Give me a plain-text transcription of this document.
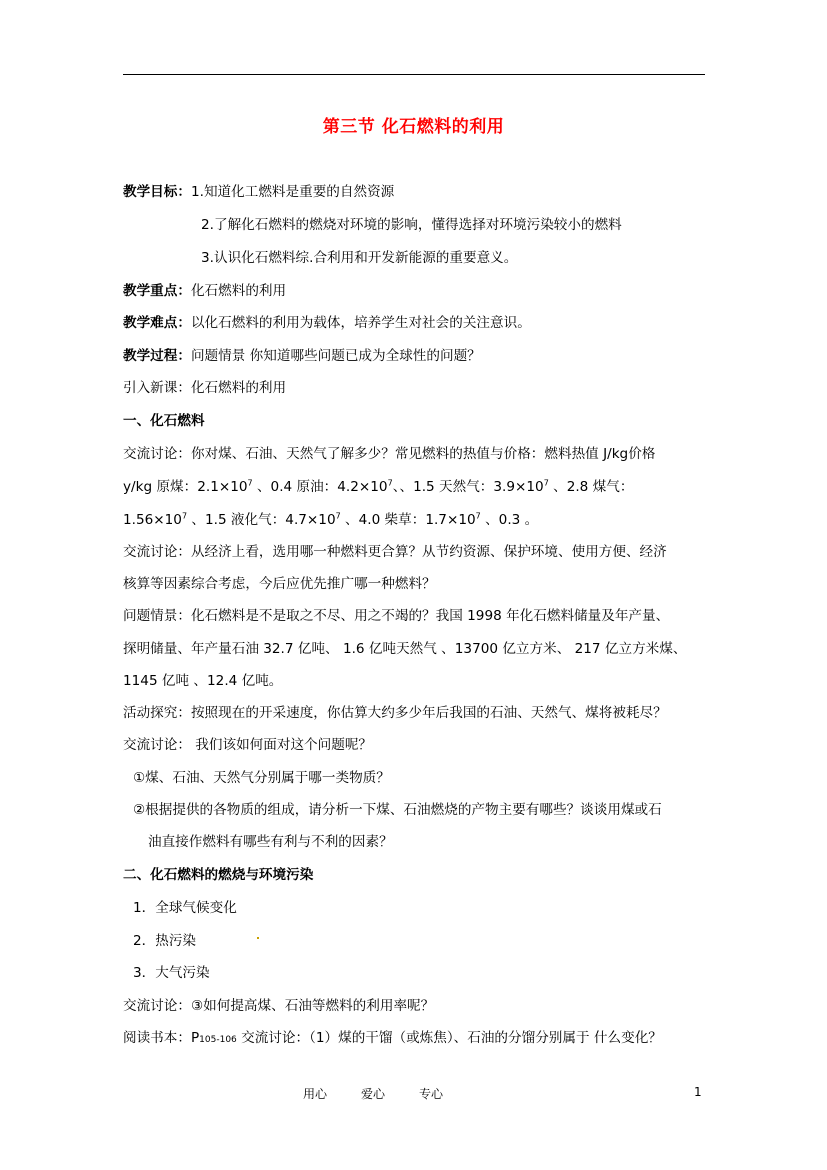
第三节 化石燃料的利用
教学目标：1.知道化工燃料是重要的自然资源
2.了解化石燃料的燃烧对环境的影响，懂得选择对环境污染较小的燃料
3.认识化石燃料综.合利用和开发新能源的重要意义。
教学重点：化石燃料的利用
教学难点：以化石燃料的利用为载体，培养学生对社会的关注意识。
教学过程：问题情景 你知道哪些问题已成为全球性的问题？
引入新课：化石燃料的利用
一、化石燃料
交流讨论：你对煤、石油、天然气了解多少？常见燃料的热值与价格：燃料热值 J/kg价格
y/kg 原煤：$2.1\times 10^7$ 、0.4 原油：$4.2\times 10^7$、、1.5 天然气：$3.9\times 10^7$ 、2.8 煤气：
$1.56\times 10^7$ 、1.5 液化气：$4.7\times 10^7$ 、4.0 柴草：$1.7\times 10^7$ 、0.3 。
交流讨论：从经济上看，选用哪一种燃料更合算？从节约资源、保护环境、使用方便、经济
核算等因素综合考虑，今后应优先推广哪一种燃料？
问题情景：化石燃料是不是取之不尽、用之不竭的？我国 1998 年化石燃料储量及年产量、
探明储量、年产量石油 32.7 亿吨、 1.6 亿吨天然气 、13700 亿立方米、 217 亿立方米煤、
1145 亿吨 、12.4 亿吨。
活动探究：按照现在的开采速度，你估算大约多少年后我国的石油、天然气、煤将被耗尽？
交流讨论： 我们该如何面对这个问题呢？
①煤、石油、天然气分别属于哪一类物质？
②根据提供的各物质的组成，请分析一下煤、石油燃烧的产物主要有哪些？谈谈用煤或石
油直接作燃料有哪些有利与不利的因素？
二、化石燃料的燃烧与环境污染
1．全球气候变化
2．热污染
3．大气污染
交流讨论：③如何提高煤、石油等燃料的利用率呢？
阅读书本：P105-106 交流讨论：（1）煤的干馏（或炼焦）、石油的分馏分别属于 什么变化？
用心	爱心	专心	1
